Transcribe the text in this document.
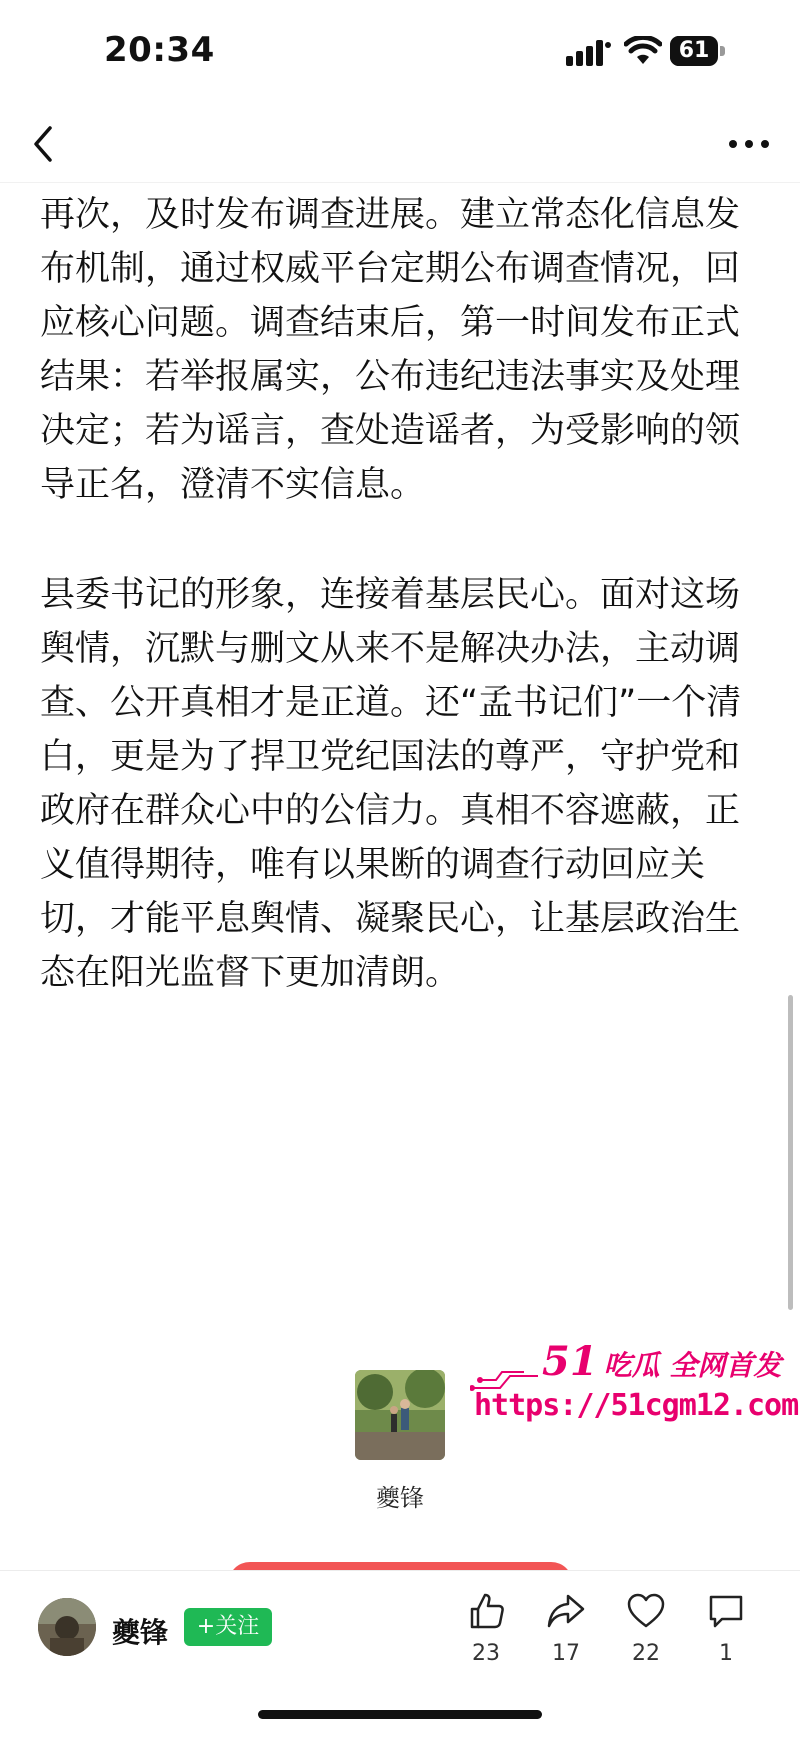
20:34	61

再次，及时发布调查进展。建立常态化信息发布机制，通过权威平台定期公布调查情况，回应核心问题。调查结束后，第一时间发布正式结果：若举报属实，公布违纪违法事实及处理决定；若为谣言，查处造谣者，为受影响的领导正名，澄清不实信息。

县委书记的形象，连接着基层民心。面对这场舆情，沉默与删文从来不是解决办法，主动调查、公开真相才是正道。还“孟书记们”一个清白，更是为了捍卫党纪国法的尊严，守护党和政府在群众心中的公信力。真相不容遮蔽，正义值得期待，唯有以果断的调查行动回应关切，才能平息舆情、凝聚民心，让基层政治生态在阳光监督下更加清朗。

51 吃瓜 全网首发
https://51cgm12.com
夔锋
夔锋	+关注
23	17	22	1
